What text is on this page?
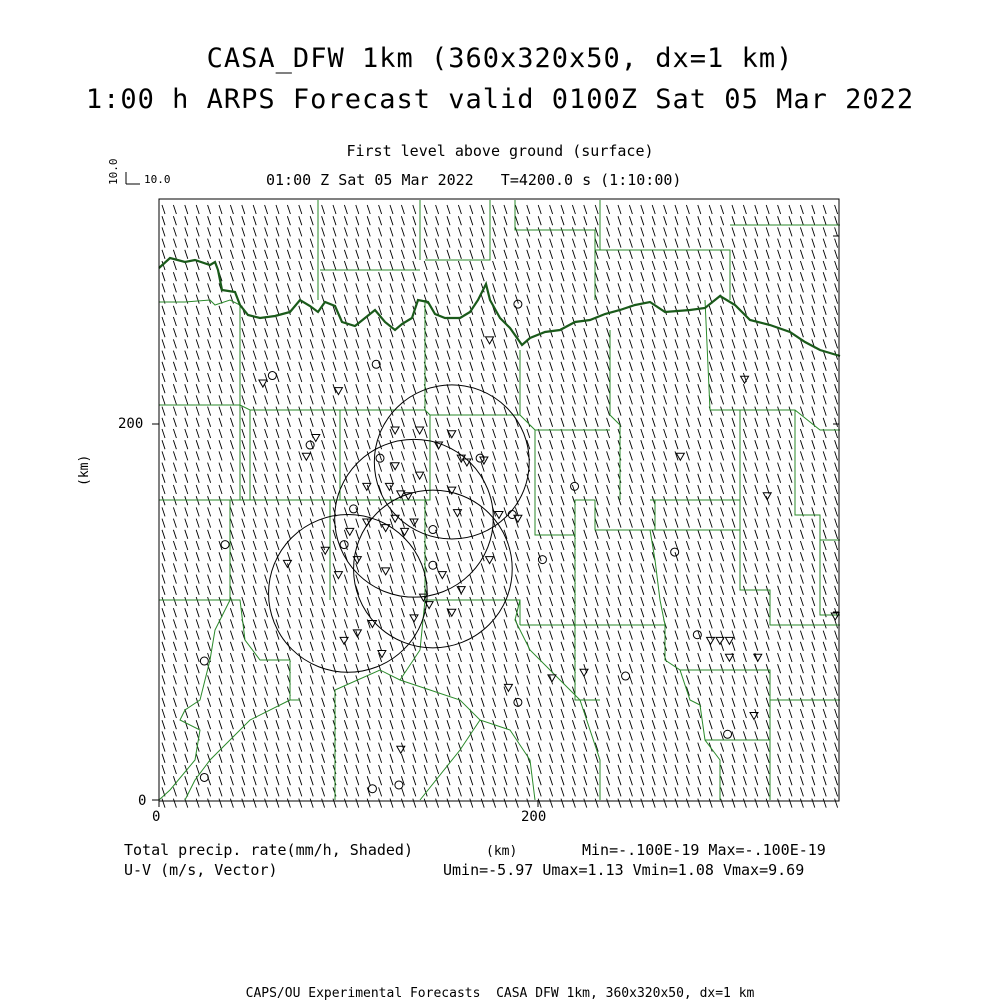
CASA_DFW 1km (360x320x50, dx=1 km)
1:00 h ARPS Forecast valid 0100Z Sat 05 Mar 2022
First level above ground (surface)
01:00 Z Sat 05 Mar 2022   T=4200.0 s (1:10:00)
10.0
10.0
(km)
200
0
0	200
Total precip. rate(mm/h, Shaded)
U-V (m/s, Vector)
(km)	Min=-.100E-19 Max=-.100E-19
Umin=-5.97 Umax=1.13 Vmin=1.08 Vmax=9.69
CAPS/OU Experimental Forecasts  CASA DFW 1km, 360x320x50, dx=1 km
